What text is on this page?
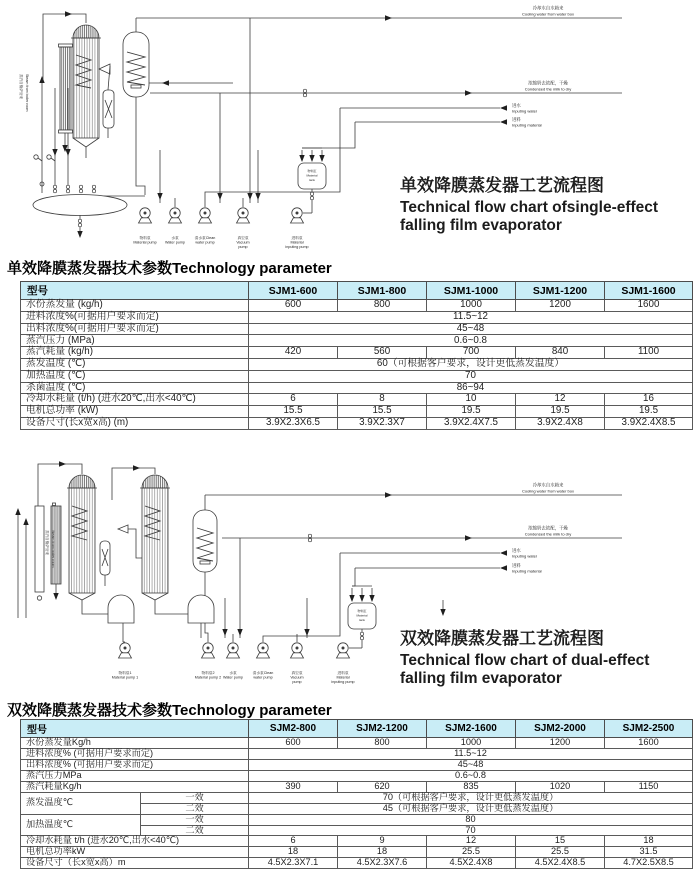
蒸汽自锅炉房来 Steam from boiler room
物料缸
Material
tank
物料泵
Material pump
水泵
Water pump
清水泵Clean
water pump
真空泵
Vacuum
pump
进料泵
Material
inputing pump
冷却水自水箱来
Cooling water from water box
浓缩奶去浓配，干燥
Condensed the milk to dry
进水
Inputing water
进料
Inputing material
单效降膜蒸发器工艺流程图
Technical flow chart ofsingle-effect
falling film evaporator
单效降膜蒸发器技术参数Technology parameter
型号	SJM1-600	SJM1-800	SJM1-1000	SJM1-1200	SJM1-1600
水份蒸发量 (kg/h)	600	800	1000	1200	1600
进料浓度%(可据用户要求而定)	11.5~12				
出料浓度%(可据用户要求而定)	45~48				
蒸汽压力 (MPa)	0.6~0.8				
蒸汽耗量 (kg/h)	420	560	700	840	1100
蒸发温度 (℃)	60（可根据客户要求，设计更低蒸发温度）				
加热温度 (℃)	70				
杀菌温度 (℃)	86~94				
冷却水耗量 (t/h) (进水20℃,出水<40℃)	6	8	10	12	16
电机总功率 (kW)	15.5	15.5	19.5	19.5	19.5
设备尺寸(长x宽x高) (m)	3.9X2.3X6.5	3.9X2.3X7	3.9X2.4X7.5	3.9X2.4X8	3.9X2.4X8.5
蒸汽自锅炉房来
物料缸
Material
tank
物料泵1
Material pump 1
物料泵2
Material pump 2
水泵
Water pump
清水泵Clean
water pump
真空泵
Vacuum
pump
进料泵
Material
inputing pump
冷却水自水箱来
Cooling water from water box
浓缩奶去浓配，干燥
Condensed the milk to dry
进水
Inputing water
进料
Inputing material
双效降膜蒸发器工艺流程图
Technical flow chart of dual-effect
falling film evaporator
双效降膜蒸发器技术参数Technology parameter
型号		SJM2-800	SJM2-1200	SJM2-1600	SJM2-2000	SJM2-2500
水份蒸发量Kg/h		600	800	1000	1200	1600
进料浓度% (可据用户要求而定)		11.5~12				
出料浓度% (可据用户要求而定)		45~48				
蒸汽压力MPa		0.6~0.8				
蒸汽耗量Kg/h		390	620	835	1020	1150
蒸发温度℃	一效	70（可根据客户要求，设计更低蒸发温度）				
	二效	45（可根据客户要求，设计更低蒸发温度）				
加热温度℃	一效	80				
	二效	70				
冷却水耗量 t/h (进水20℃,出水<40℃)		6	9	12	15	18
电机总功率kW		18	18	25.5	25.5	31.5
设备尺寸（长x宽x高）m		4.5X2.3X7.1	4.5X2.3X7.6	4.5X2.4X8	4.5X2.4X8.5	4.7X2.5X8.5
